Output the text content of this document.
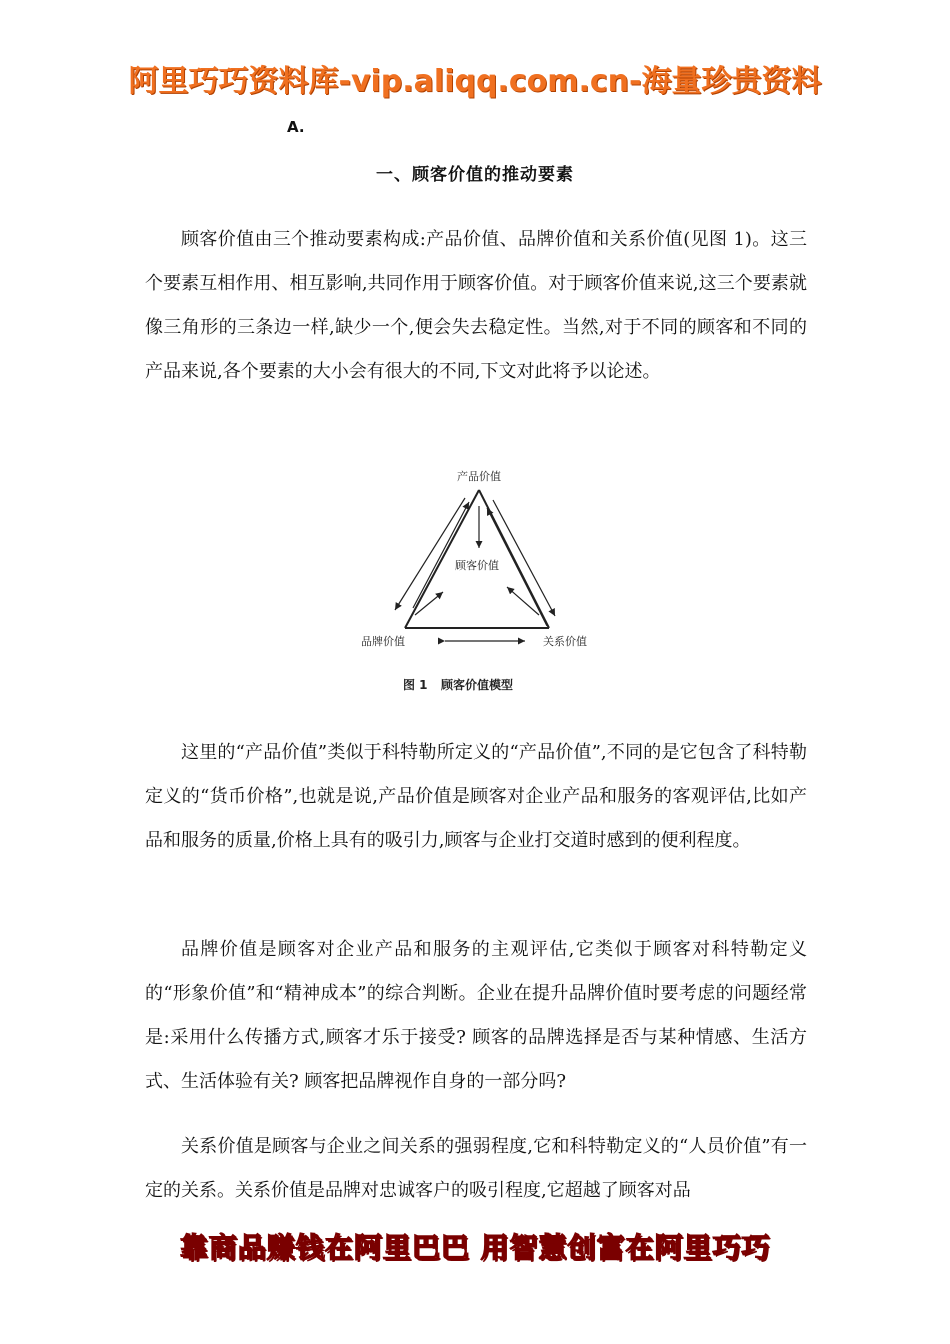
阿里巧巧资料库-vip.aliqq.com.cn-海量珍贵资料
A.
一、顾客价值的推动要素

顾客价值由三个推动要素构成:产品价值、品牌价值和关系价值(见图 1)。这三个要素互相作用、相互影响,共同作用于顾客价值。对于顾客价值来说,这三个要素就像三角形的三条边一样,缺少一个,便会失去稳定性。当然,对于不同的顾客和不同的产品来说,各个要素的大小会有很大的不同,下文对此将予以论述。

产品价值
顾客价值
品牌价值	关系价值
图 1 顾客价值模型

这里的“产品价值”类似于科特勒所定义的“产品价值”,不同的是它包含了科特勒定义的“货币价格”,也就是说,产品价值是顾客对企业产品和服务的客观评估,比如产品和服务的质量,价格上具有的吸引力,顾客与企业打交道时感到的便利程度。

品牌价值是顾客对企业产品和服务的主观评估,它类似于顾客对科特勒定义的“形象价值”和“精神成本”的综合判断。企业在提升品牌价值时要考虑的问题经常是:采用什么传播方式,顾客才乐于接受? 顾客的品牌选择是否与某种情感、生活方式、生活体验有关? 顾客把品牌视作自身的一部分吗?

关系价值是顾客与企业之间关系的强弱程度,它和科特勒定义的“人员价值”有一定的关系。关系价值是品牌对忠诚客户的吸引程度,它超越了顾客对品

靠商品赚钱在阿里巴巴 用智慧创富在阿里巧巧
